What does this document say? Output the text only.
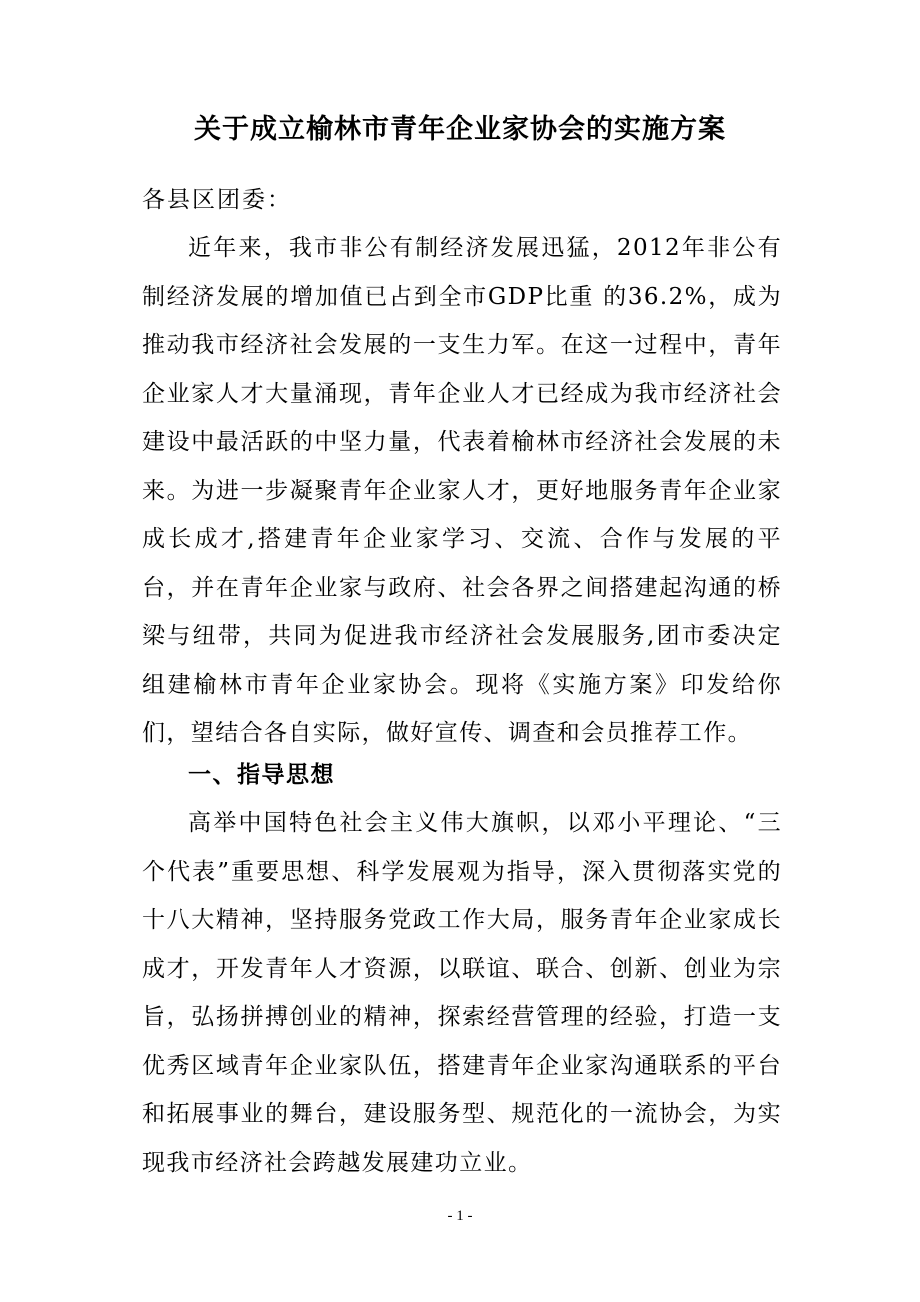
关于成立榆林市青年企业家协会的实施方案
各县区团委：

近年来，我市非公有制经济发展迅猛，2012年非公有制经济发展的增加值已占到全市GDP比重 的36.2%，成为推动我市经济社会发展的一支生力军。在这一过程中，青年企业家人才大量涌现，青年企业人才已经成为我市经济社会建设中最活跃的中坚力量，代表着榆林市经济社会发展的未来。为进一步凝聚青年企业家人才，更好地服务青年企业家成长成才,搭建青年企业家学习、交流、合作与发展的平台，并在青年企业家与政府、社会各界之间搭建起沟通的桥梁与纽带，共同为促进我市经济社会发展服务,团市委决定组建榆林市青年企业家协会。现将《实施方案》印发给你们，望结合各自实际，做好宣传、调查和会员推荐工作。

一、指导思想

高举中国特色社会主义伟大旗帜，以邓小平理论、“三个代表”重要思想、科学发展观为指导，深入贯彻落实党的十八大精神，坚持服务党政工作大局，服务青年企业家成长成才，开发青年人才资源，以联谊、联合、创新、创业为宗旨，弘扬拼搏创业的精神，探索经营管理的经验，打造一支优秀区域青年企业家队伍，搭建青年企业家沟通联系的平台和拓展事业的舞台，建设服务型、规范化的一流协会，为实现我市经济社会跨越发展建功立业。

- 1 -
